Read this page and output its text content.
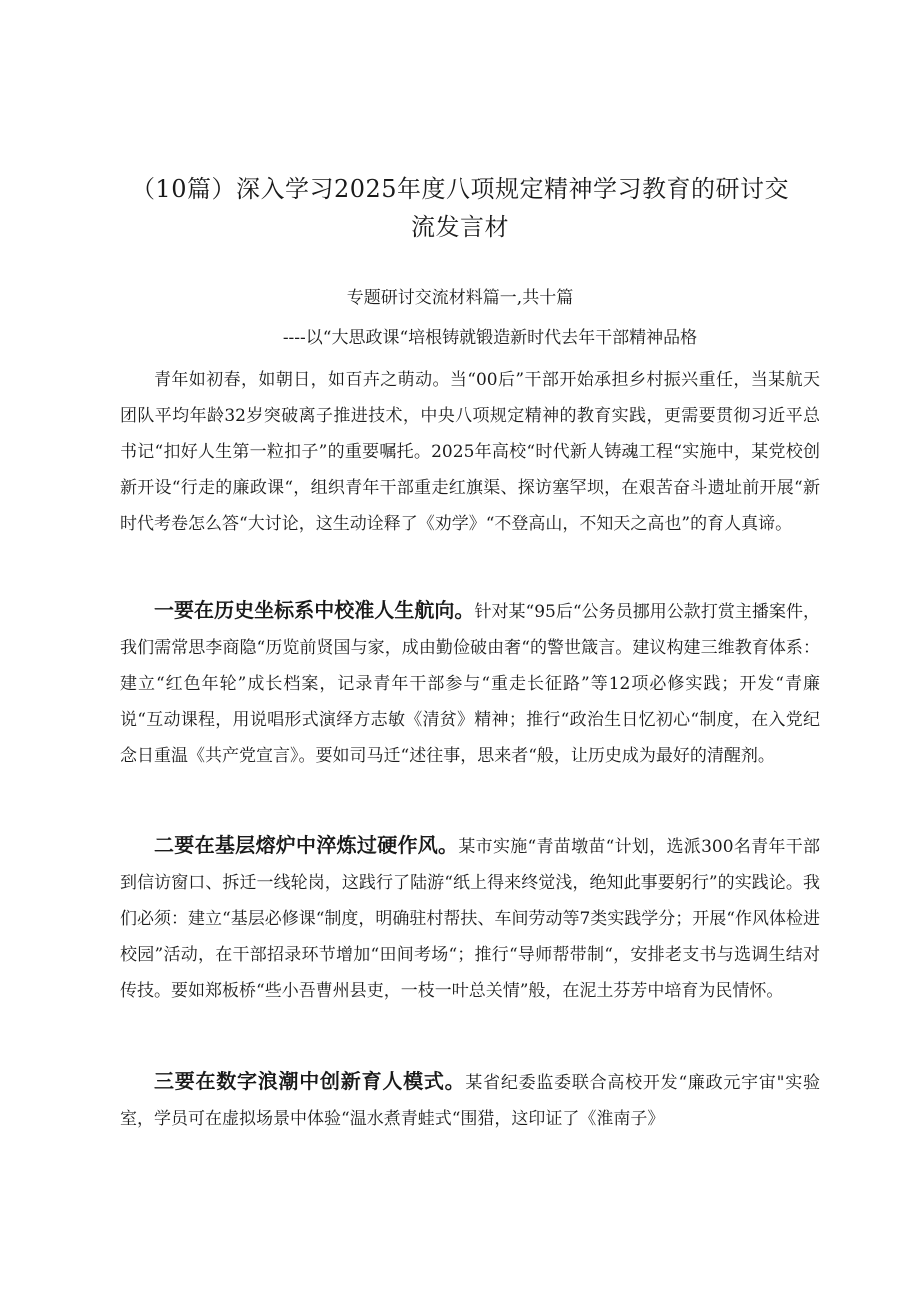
（10篇）深入学习2025年度八项规定精神学习教育的研讨交
流发言材
专题研讨交流材料篇一,共十篇
----以“大思政课“培根铸就锻造新时代去年干部精神品格

青年如初春，如朝日，如百卉之萌动。当“00后”干部开始承担乡村振兴重任，当某航天团队平均年龄32岁突破离子推进技术，中央八项规定精神的教育实践，更需要贯彻习近平总书记“扣好人生第一粒扣子”的重要嘱托。2025年高校“时代新人铸魂工程“实施中，某党校创新开设“行走的廉政课“，组织青年干部重走红旗渠、探访塞罕坝，在艰苦奋斗遗址前开展“新时代考卷怎么答“大讨论，这生动诠释了《劝学》“不登高山，不知天之高也”的育人真谛。

一要在历史坐标系中校准人生航向。针对某“95后“公务员挪用公款打赏主播案件，我们需常思李商隐“历览前贤国与家，成由勤俭破由奢“的警世箴言。建议构建三维教育体系：建立“红色年轮”成长档案，记录青年干部参与“重走长征路”等12项必修实践；开发“青廉说“互动课程，用说唱形式演绎方志敏《清贫》精神；推行“政治生日忆初心“制度，在入党纪念日重温《共产党宣言》。要如司马迁“述往事，思来者“般，让历史成为最好的清醒剂。

二要在基层熔炉中淬炼过硬作风。某市实施“青苗墩苗“计划，选派300名青年干部到信访窗口、拆迁一线轮岗，这践行了陆游“纸上得来终觉浅，绝知此事要躬行”的实践论。我们必须：建立“基层必修课“制度，明确驻村帮扶、车间劳动等7类实践学分；开展“作风体检进校园”活动，在干部招录环节增加“田间考场“；推行“导师帮带制“，安排老支书与选调生结对传技。要如郑板桥“些小吾曹州县吏，一枝一叶总关情”般，在泥土芬芳中培育为民情怀。

三要在数字浪潮中创新育人模式。某省纪委监委联合高校开发“廉政元宇宙"实验室，学员可在虚拟场景中体验“温水煮青蛙式“围猎，这印证了《淮南子》
